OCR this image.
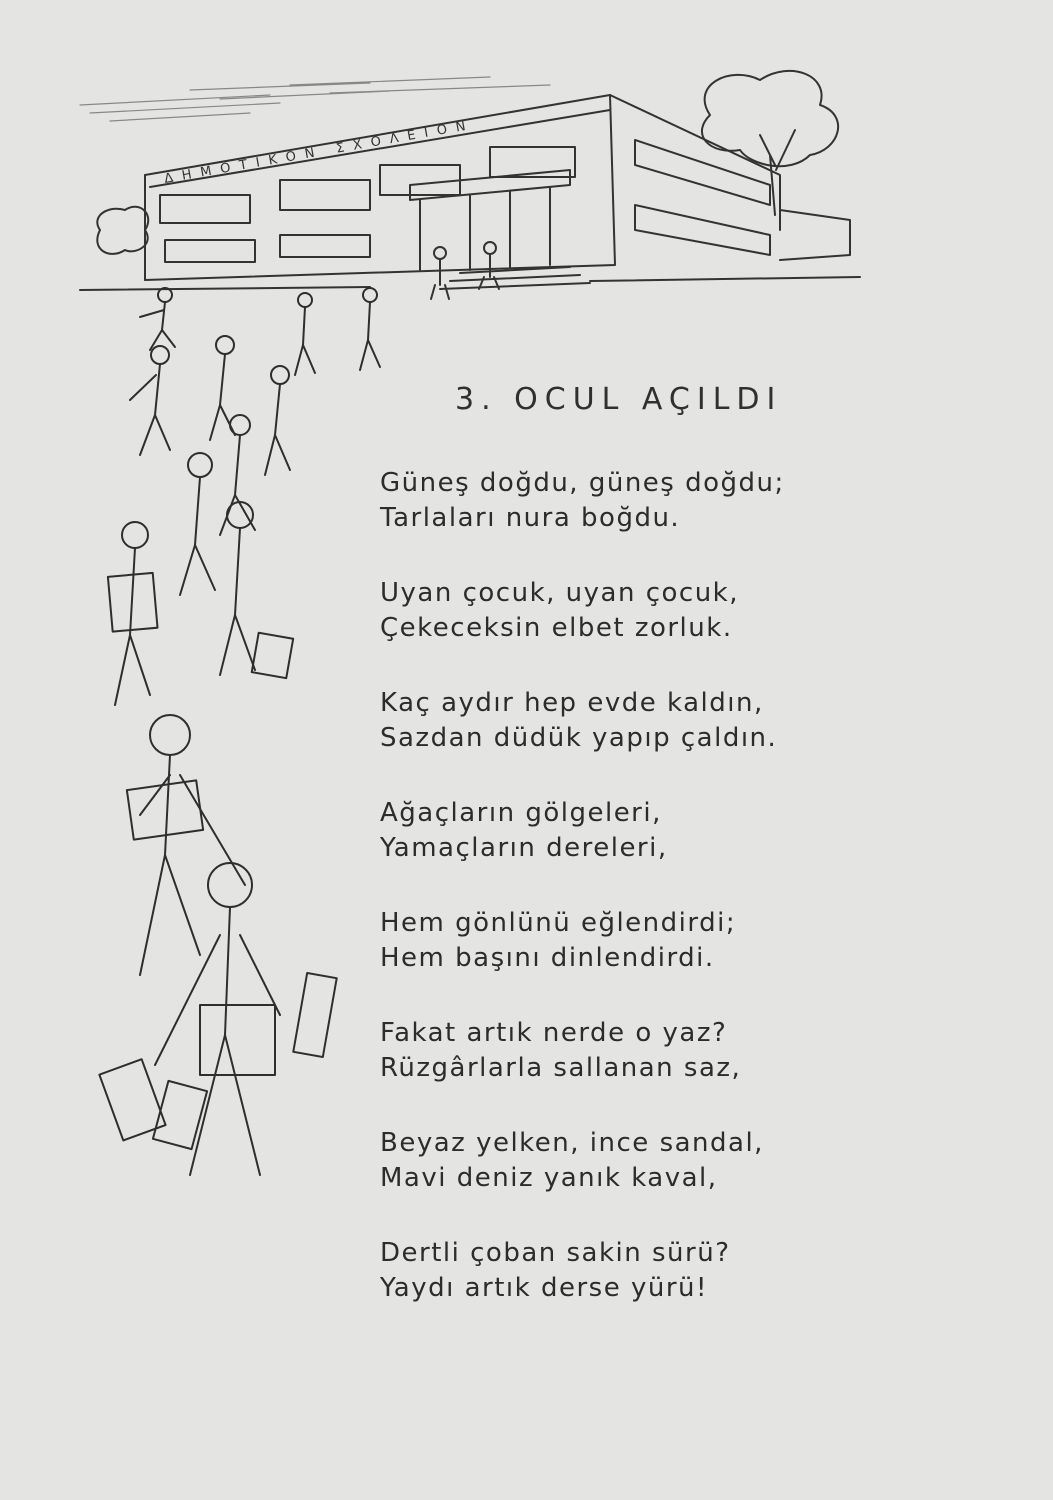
ΔΗΜΟΤΙΚΟΝ ΣΧΟΛΕΙΟΝ
3. OCUL AÇILDI
Güneş doğdu, güneş doğdu;
Tarlaları nura boğdu.
Uyan çocuk, uyan çocuk,
Çekeceksin elbet zorluk.
Kaç aydır hep evde kaldın,
Sazdan düdük yapıp çaldın.
Ağaçların gölgeleri,
Yamaçların dereleri,
Hem gönlünü eğlendirdi;
Hem başını dinlendirdi.
Fakat artık nerde o yaz?
Rüzgârlarla sallanan saz,
Beyaz yelken, ince sandal,
Mavi deniz yanık kaval,
Dertli çoban sakin sürü?
Yaydı artık derse yürü!
